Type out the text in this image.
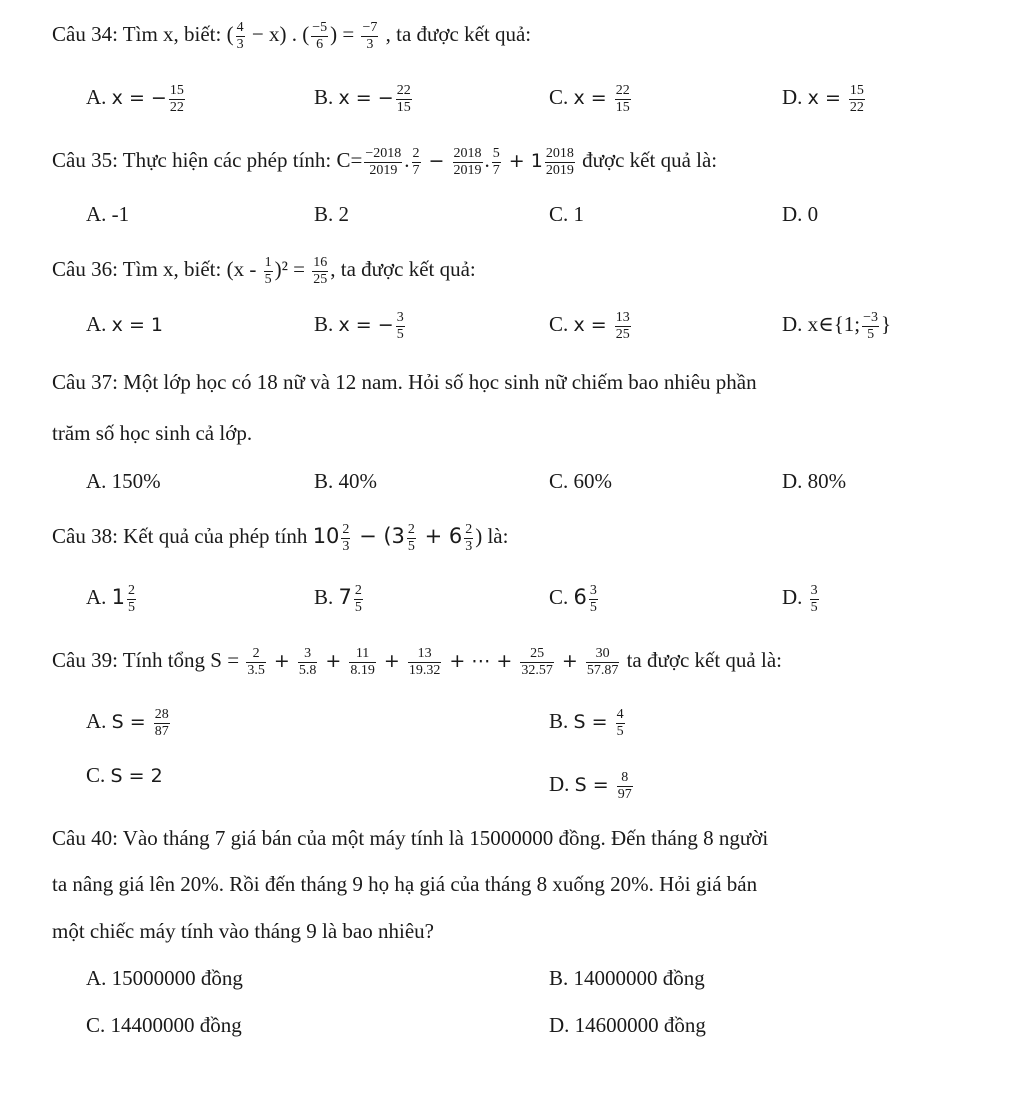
Câu 34: Tìm x, biết: ( $\frac{4}{3} - x$) . ( $\frac{-5}{6}$ ) = $\frac{-7}{3}$ , ta được kết quả:
A. x = − $\frac{15}{22}$	B. x = − $\frac{22}{15}$	C. $x = \frac{22}{15}$	D. $x = \frac{15}{22}$
Câu 35: Thực hiện các phép tính: $C= \frac{-2018}{2019}$ . $\frac{2}{7} - \frac{2018}{2019}$ . $\frac{5}{7} + 1 \frac{2018}{2019}$ được kết quả là:
A. -1	B. 2	C. 1	D. 0
Câu 36: Tìm x, biết: $(x - \frac{1}{5} )^2 = \frac{16}{25}$ , ta được kết quả:
A. x = 1	B. x = − $\frac{3}{5}$	C. $x = \frac{13}{25}$	D. x∈{1; $\frac{-3}{5}$ }
Câu 37: Một lớp học có 18 nữ và 12 nam. Hỏi số học sinh nữ chiếm bao nhiêu phần
trăm số học sinh cả lớp.
A. 150%	B. 40%	C. 60%	D. 80%
Câu 38: Kết quả của phép tính $10 \frac{2}{3} - (3 \frac{2}{5} + 6 \frac{2}{3}$ ) là:
A. $1 \frac{2}{5}$	B. $7 \frac{2}{5}$	C. $6 \frac{3}{5}$	D. $\frac{3}{5}$
Câu 39: Tính tổng $S = \frac{2}{3.5} + \frac{3}{5.8} + \frac{11}{8.19} + \frac{13}{19.32}$ + ⋯ + $\frac{25}{32.57} + \frac{30}{57.87}$ ta được kết quả là:
A. $S = \frac{28}{87}$	B. $S = \frac{4}{5}$
C. S = 2	D. $S = \frac{8}{97}$
Câu 40: Vào tháng 7 giá bán của một máy tính là 15000000 đồng. Đến tháng 8 người
ta nâng giá lên 20%. Rồi đến tháng 9 họ hạ giá của tháng 8 xuống 20%. Hỏi giá bán
một chiếc máy tính vào tháng 9 là bao nhiêu?
A. 15000000 đồng	B. 14000000 đồng
C. 14400000 đồng	D. 14600000 đồng
